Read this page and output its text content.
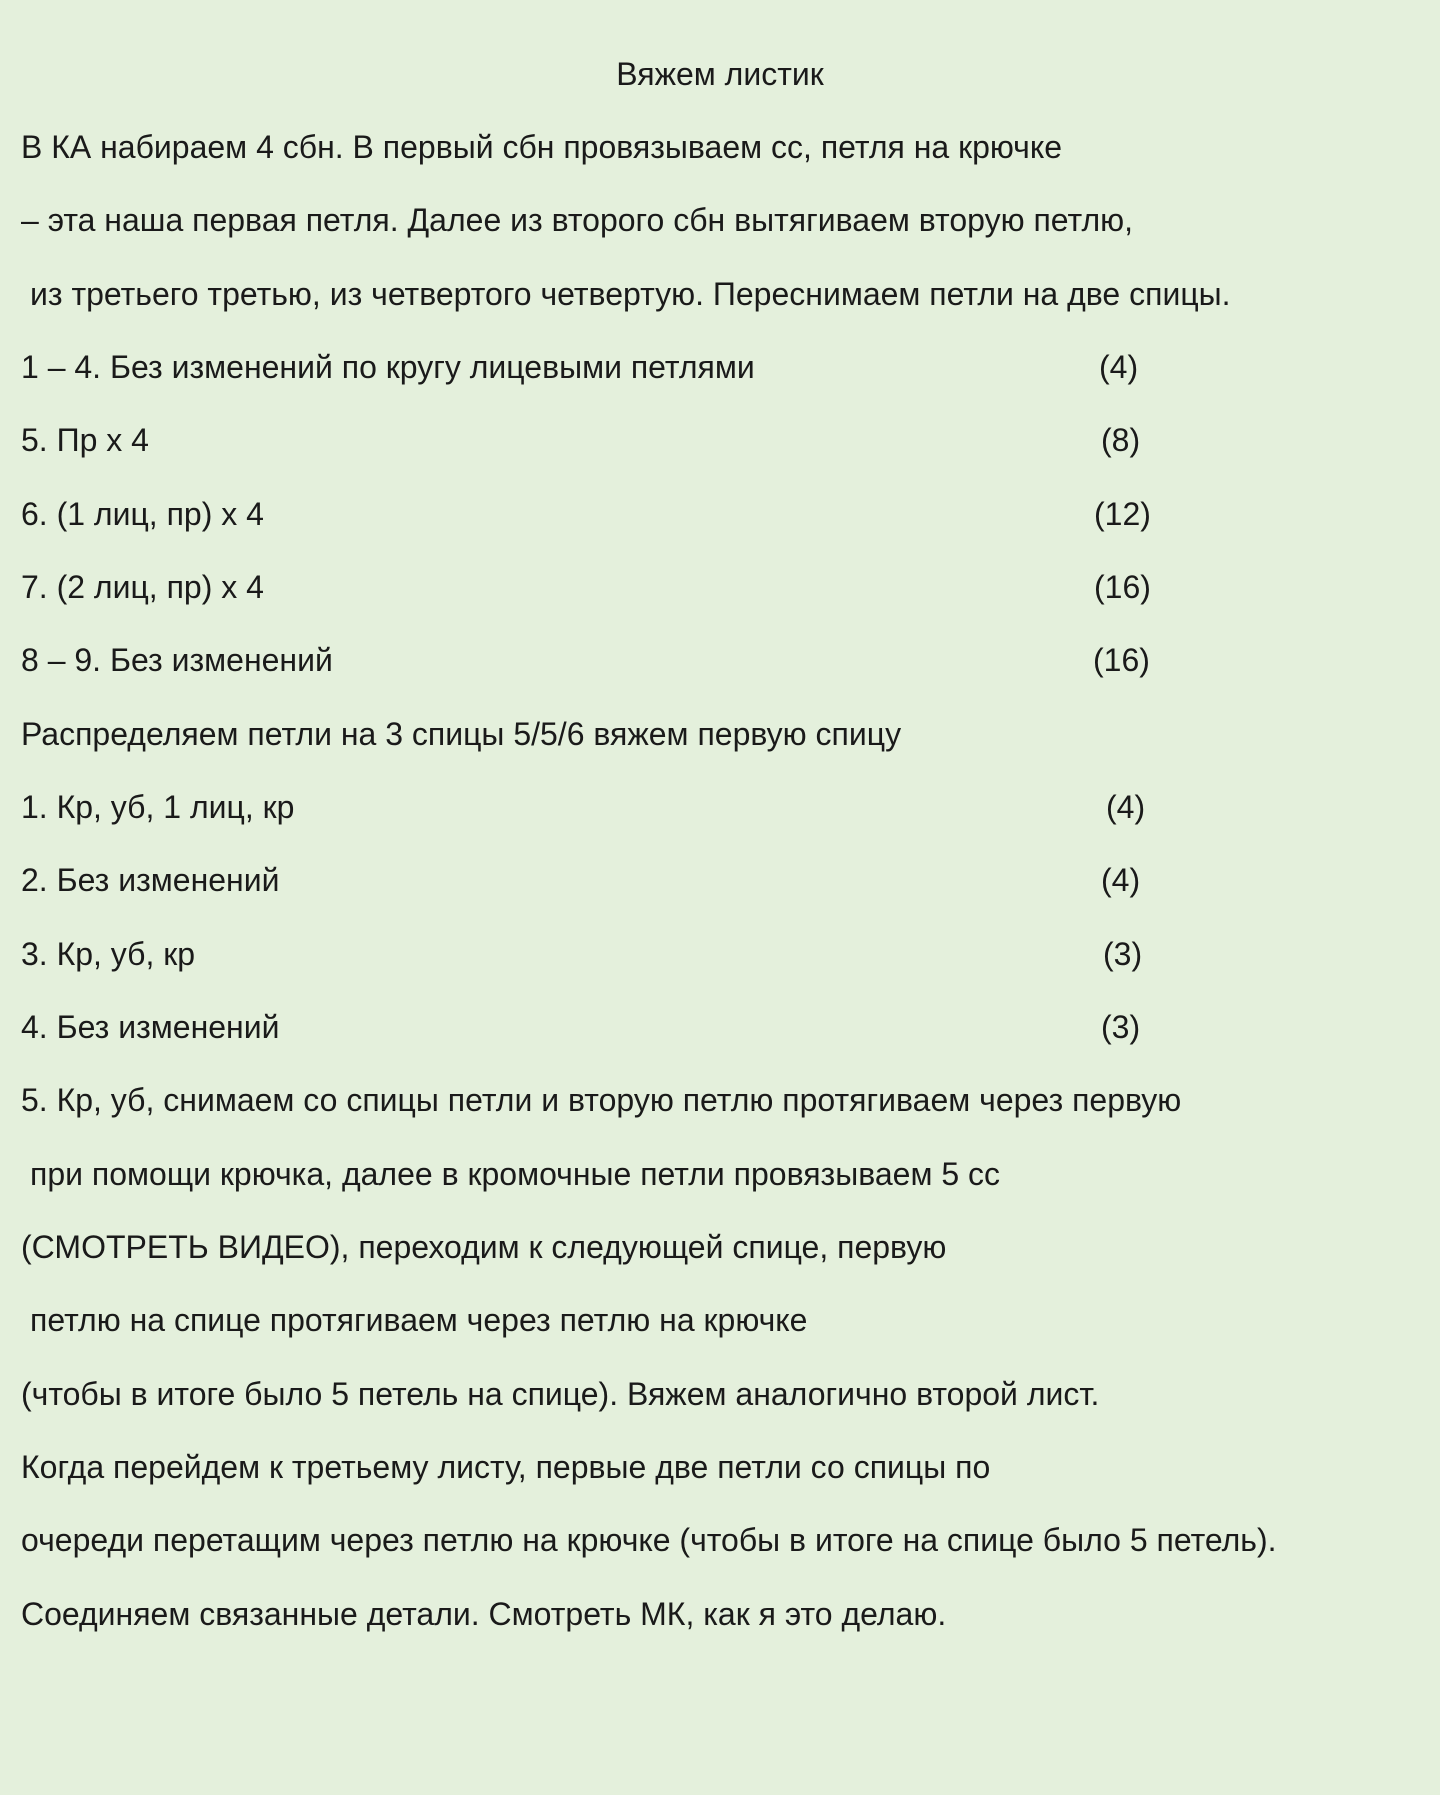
Вяжем листик
В КА набираем 4 сбн. В первый сбн провязываем сс, петля на крючке
– эта наша первая петля. Далее из второго сбн вытягиваем вторую петлю,
из третьего третью, из четвертого четвертую. Переснимаем петли на две спицы.
1 – 4. Без изменений по кругу лицевыми петлями	(4)
5. Пр х 4	(8)
6. (1 лиц, пр) х 4	(12)
7. (2 лиц, пр) х 4	(16)
8 – 9. Без изменений	(16)
Распределяем петли на 3 спицы 5/5/6 вяжем первую спицу
1. Кр, уб, 1 лиц, кр	(4)
2. Без изменений	(4)
3. Кр, уб, кр	(3)
4. Без изменений	(3)
5. Кр, уб, снимаем со спицы петли и вторую петлю протягиваем через первую
при помощи крючка, далее в кромочные петли провязываем 5 сс
(СМОТРЕТЬ ВИДЕО), переходим к следующей спице, первую
петлю на спице протягиваем через петлю на крючке
(чтобы в итоге было 5 петель на спице). Вяжем аналогично второй лист.
Когда перейдем к третьему листу, первые две петли со спицы по
очереди перетащим через петлю на крючке (чтобы в итоге на спице было 5 петель).
Соединяем связанные детали. Смотреть МК, как я это делаю.
